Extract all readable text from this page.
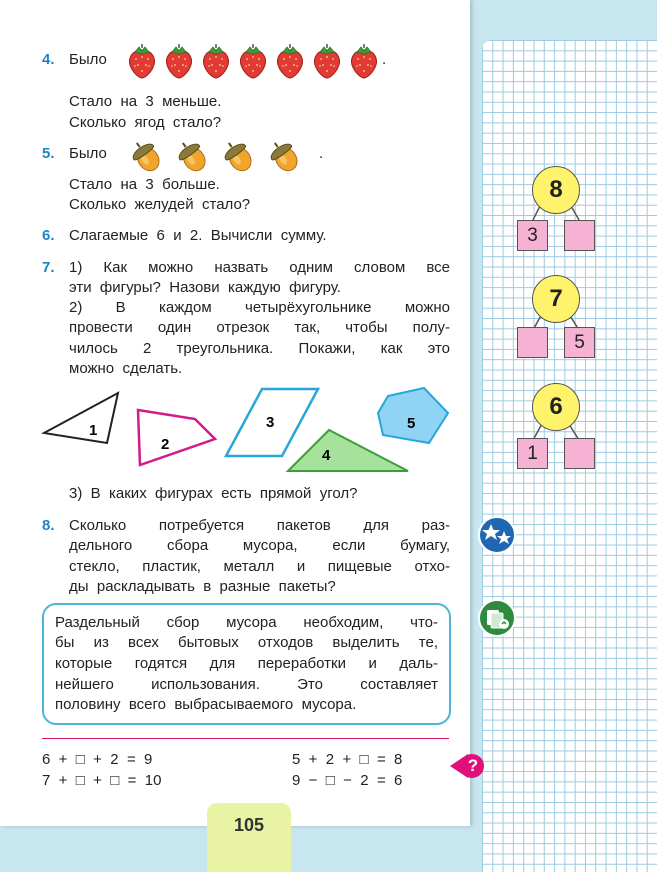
4. Было	.
Стало  на  3  меньше.
Сколько  ягод  стало?
5. Было	.
Стало  на  3  больше.
Сколько  желудей  стало?
6. Слагаемые  6  и  2.  Вычисли  сумму.
7. 1) Как можно назвать одним словом все
эти  фигуры?  Назови  каждую  фигуру.
2) В каждом четырёхугольнике можно
провести один отрезок так, чтобы полу-
чилось 2 треугольника. Покажи, как это
можно  сделать.
1
2
3
4
5
3)  В  каких  фигурах  есть  прямой  угол?
8. Сколько потребуется пакетов для раз-
дельного сбора мусора, если бумагу,
стекло, пластик, металл и пищевые отхо-
ды  раскладывать  в  разные  пакеты?
Раздельный сбор мусора необходим, что-
бы из всех бытовых отходов выделить те,
которые годятся для переработки и даль-
нейшего использования. Это составляет
половину  всего  выбрасываемого  мусора.
6  +  □  +  2  =  9
7  +  □  +  □  =  10
5  +  2  +  □  =  8
9  −  □  −  2  =  6
?
105
8
3
7
5
6
1
